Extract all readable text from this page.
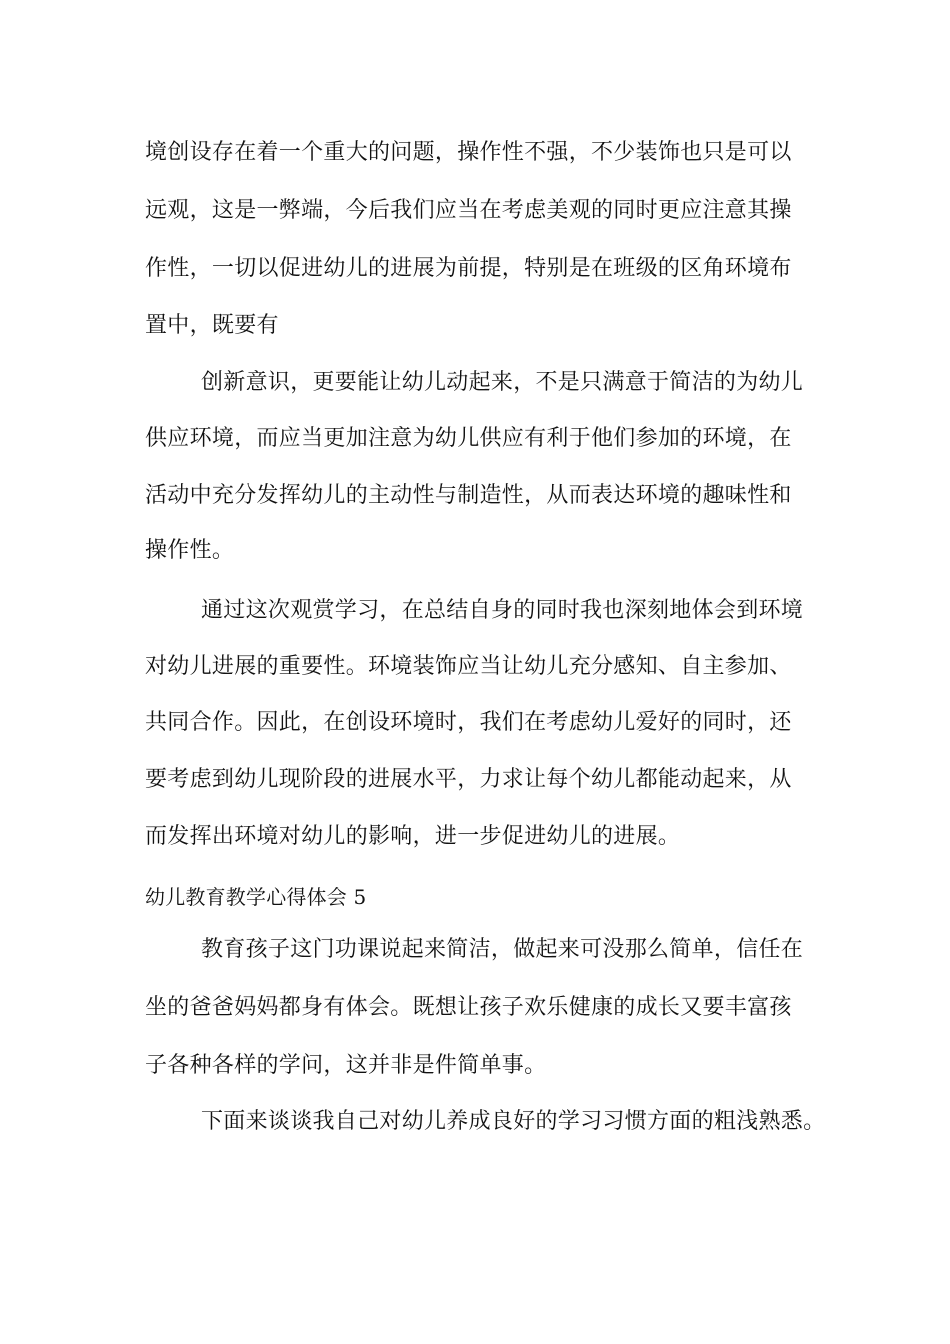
境创设存在着一个重大的问题，操作性不强，不少装饰也只是可以
远观，这是一弊端，今后我们应当在考虑美观的同时更应注意其操
作性，一切以促进幼儿的进展为前提，特别是在班级的区角环境布
置中，既要有
创新意识，更要能让幼儿动起来，不是只满意于简洁的为幼儿
供应环境，而应当更加注意为幼儿供应有利于他们参加的环境，在
活动中充分发挥幼儿的主动性与制造性，从而表达环境的趣味性和
操作性。
通过这次观赏学习，在总结自身的同时我也深刻地体会到环境
对幼儿进展的重要性。环境装饰应当让幼儿充分感知、自主参加、
共同合作。因此，在创设环境时，我们在考虑幼儿爱好的同时，还
要考虑到幼儿现阶段的进展水平，力求让每个幼儿都能动起来，从
而发挥出环境对幼儿的影响，进一步促进幼儿的进展。
幼儿教育教学心得体会 5
教育孩子这门功课说起来简洁，做起来可没那么简单，信任在
坐的爸爸妈妈都身有体会。既想让孩子欢乐健康的成长又要丰富孩
子各种各样的学问，这并非是件简单事。
下面来谈谈我自己对幼儿养成良好的学习习惯方面的粗浅熟悉。
